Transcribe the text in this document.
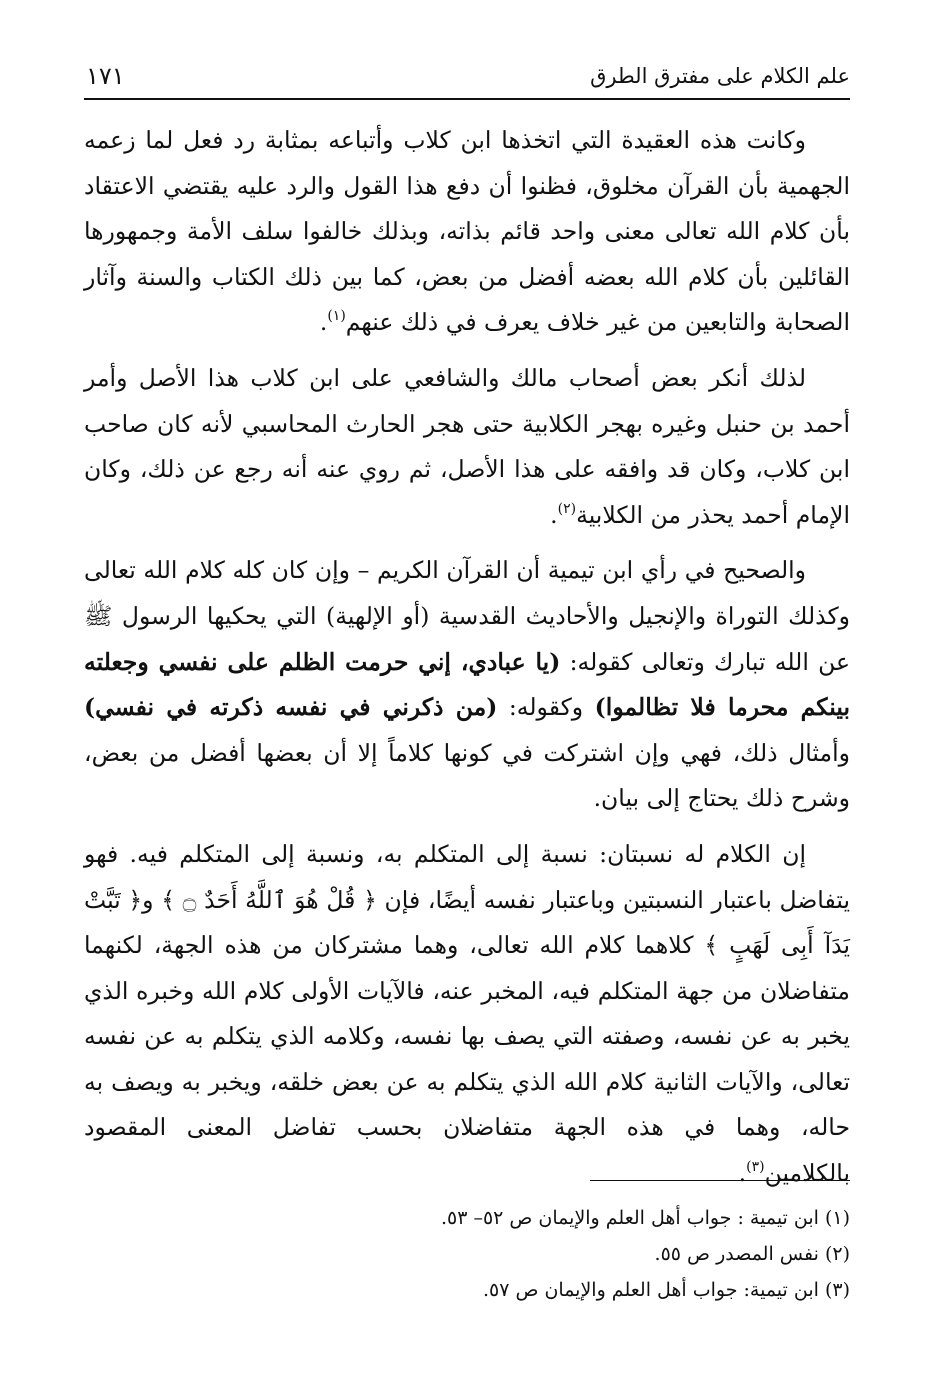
علم الكلام على مفترق الطرق
١٧١

وكانت هذه العقيدة التي اتخذها ابن كلاب وأتباعه بمثابة رد فعل لما زعمه الجهمية بأن القرآن مخلوق، فظنوا أن دفع هذا القول والرد عليه يقتضي الاعتقاد بأن كلام الله تعالى معنى واحد قائم بذاته، وبذلك خالفوا سلف الأمة وجمهورها القائلين بأن كلام الله بعضه أفضل من بعض، كما بين ذلك الكتاب والسنة وآثار الصحابة والتابعين من غير خلاف يعرف في ذلك عنهم$^{(١)}$.

لذلك أنكر بعض أصحاب مالك والشافعي على ابن كلاب هذا الأصل وأمر أحمد بن حنبل وغيره بهجر الكلابية حتى هجر الحارث المحاسبي لأنه كان صاحب ابن كلاب، وكان قد وافقه على هذا الأصل، ثم روي عنه أنه رجع عن ذلك، وكان الإمام أحمد يحذر من الكلابية$^{(٢)}$.

والصحيح في رأي ابن تيمية أن القرآن الكريم – وإن كان كله كلام الله تعالى وكذلك التوراة والإنجيل والأحاديث القدسية (أو الإلهية) التي يحكيها الرسول ﷺ عن الله تبارك وتعالى كقوله: (يا عبادي، إني حرمت الظلم على نفسي وجعلته بينكم محرما فلا تظالموا) وكقوله: (من ذكرني في نفسه ذكرته في نفسي) وأمثال ذلك، فهي وإن اشتركت في كونها كلاماً إلا أن بعضها أفضل من بعض، وشرح ذلك يحتاج إلى بيان.

إن الكلام له نسبتان: نسبة إلى المتكلم به، ونسبة إلى المتكلم فيه. فهو يتفاضل باعتبار النسبتين وباعتبار نفسه أيضًا، فإن ﴿ قُلْ هُوَ ٱللَّهُ أَحَدٌ ۝ ﴾ و﴿ تَبَّتْ يَدَآ أَبِى لَهَبٍ ﴾ كلاهما كلام الله تعالى، وهما مشتركان من هذه الجهة، لكنهما متفاضلان من جهة المتكلم فيه، المخبر عنه، فالآيات الأولى كلام الله وخبره الذي يخبر به عن نفسه، وصفته التي يصف بها نفسه، وكلامه الذي يتكلم به عن نفسه تعالى، والآيات الثانية كلام الله الذي يتكلم به عن بعض خلقه، ويخبر به ويصف به حاله، وهما في هذه الجهة متفاضلان بحسب تفاضل المعنى المقصود بالكلامين$^{(٣)}$.

(١) ابن تيمية : جواب أهل العلم والإيمان ص ٥٢– ٥٣.
(٢) نفس المصدر ص ٥٥.
(٣) ابن تيمية: جواب أهل العلم والإيمان ص ٥٧.
